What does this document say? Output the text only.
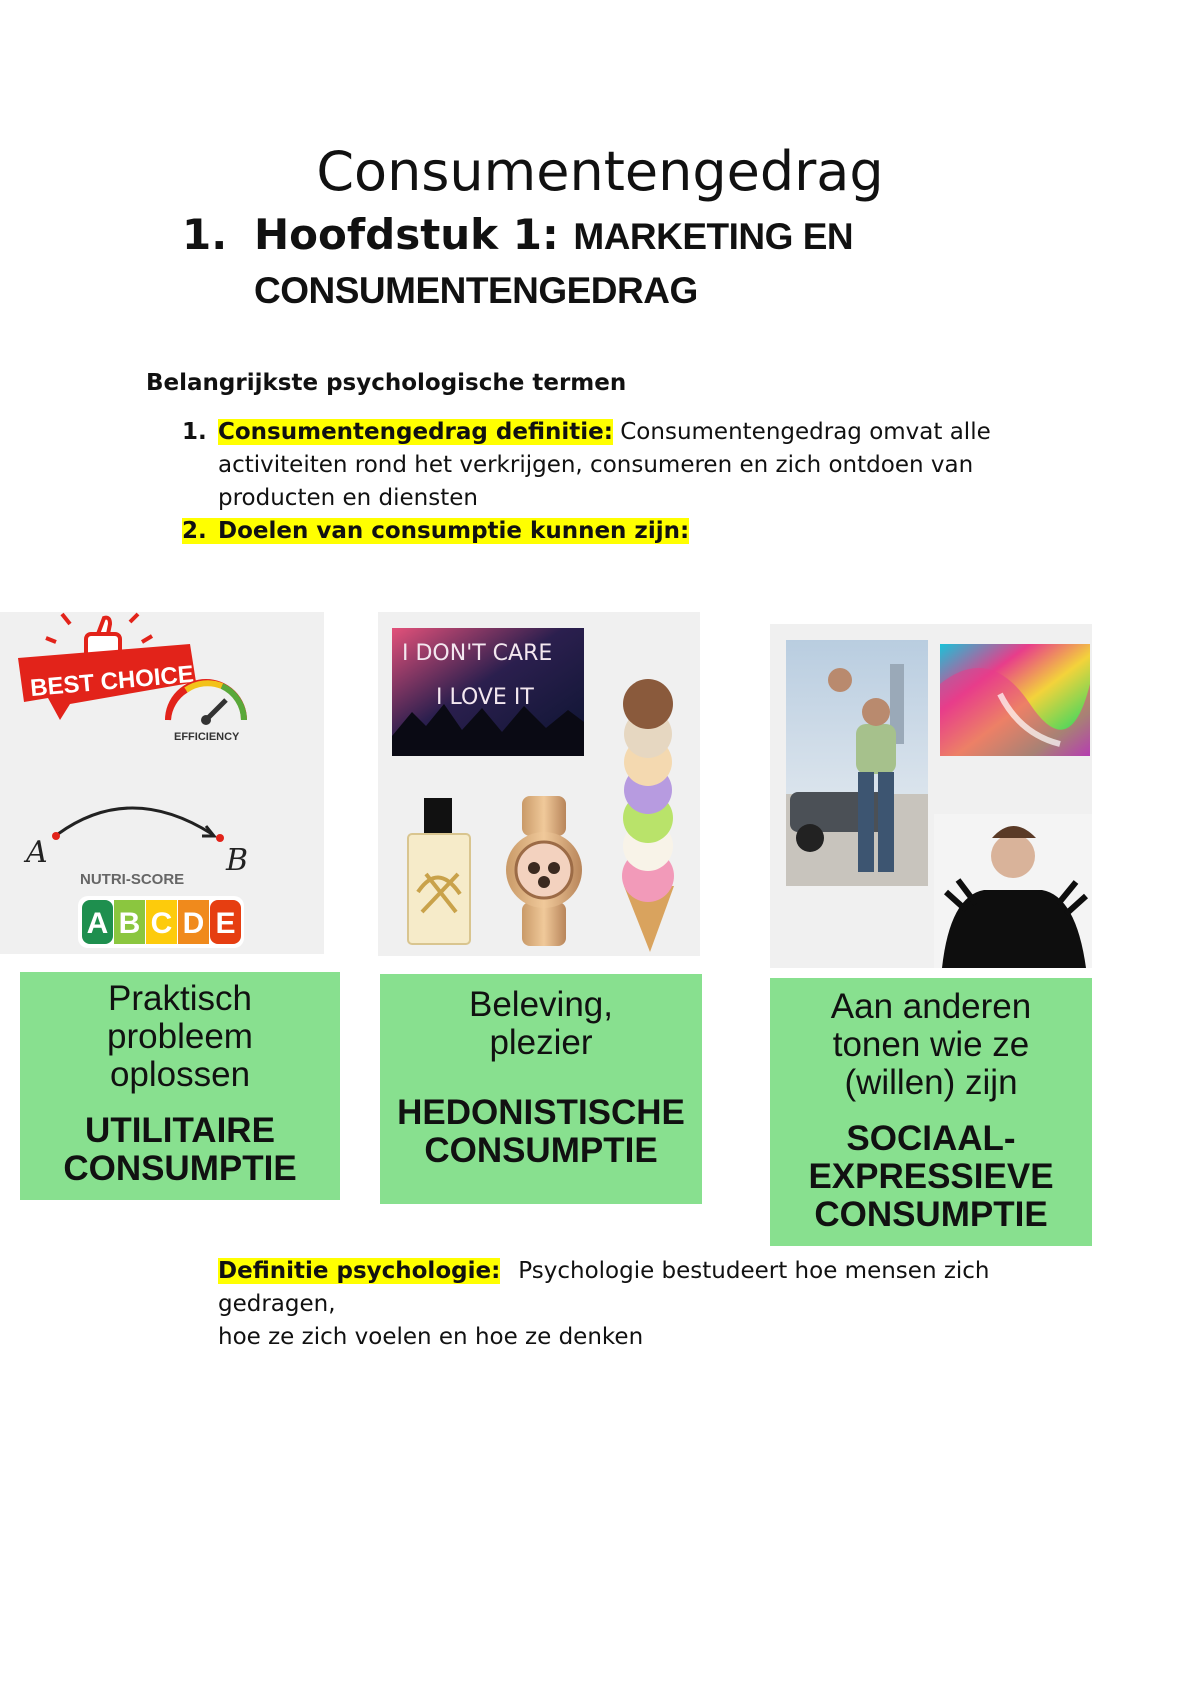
Consumentengedrag
1. Hoofdstuk 1: MARKETING EN
CONSUMENTENGEDRAG
Belangrijkste psychologische termen
1. Consumentengedrag definitie: Consumentengedrag omvat alle
activiteiten rond het verkrijgen, consumeren en zich ontdoen van
producten en diensten
2. Doelen van consumptie kunnen zijn:
BEST CHOICE
EFFICIENCY
A	B
NUTRI-SCORE
A B C D E
I DON'T CARE
I LOVE IT
Praktisch
probleem
oplossen
UTILITAIRE
CONSUMPTIE
Beleving,
plezier
HEDONISTISCHE
CONSUMPTIE
Aan anderen
tonen wie ze
(willen) zijn
SOCIAAL-
EXPRESSIEVE
CONSUMPTIE
Definitie psychologie: Psychologie bestudeert hoe mensen zich
gedragen,
hoe ze zich voelen en hoe ze denken
